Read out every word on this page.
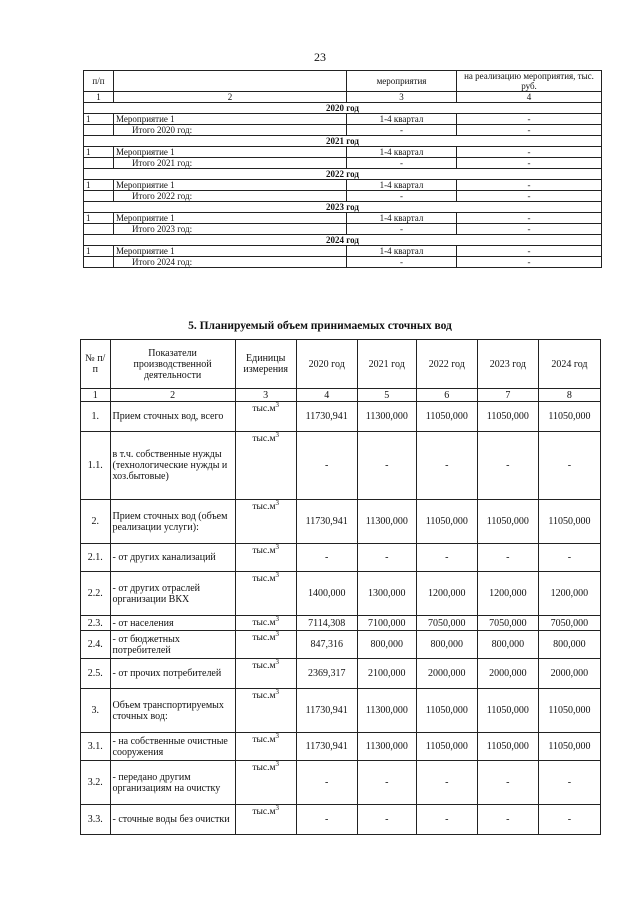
23
п/п		мероприятия	на реализацию мероприятия, тыс. руб.
1	2	3	4
2020 год			
1	Мероприятие 1	1-4 квартал	-
	Итого 2020 год:	-	-
2021 год			
1	Мероприятие 1	1-4 квартал	-
	Итого 2021 год:	-	-
2022 год			
1	Мероприятие 1	1-4 квартал	-
	Итого 2022 год:	-	-
2023 год			
1	Мероприятие 1	1-4 квартал	-
	Итого 2023 год:	-	-
2024 год			
1	Мероприятие 1	1-4 квартал	-
	Итого 2024 год:	-	-
5. Планируемый объем принимаемых сточных вод
№ п/п	Показатели производственной деятельности	Единицы измерения	2020 год	2021 год	2022 год	2023 год	2024 год
1	2	3	4	5	6	7	8
1.	Прием сточных вод, всего	$тыс.м^3$	11730,941	11300,000	11050,000	11050,000	11050,000
1.1.	в т.ч. собственные нужды (технологические нужды и хоз.бытовые)	$тыс.м^3$	-	-	-	-	-
2.	Прием сточных вод (объем реализации услуги):	$тыс.м^3$	11730,941	11300,000	11050,000	11050,000	11050,000
2.1.	- от других канализаций	$тыс.м^3$	-	-	-	-	-
2.2.	- от других отраслей организации ВКХ	$тыс.м^3$	1400,000	1300,000	1200,000	1200,000	1200,000
2.3.	- от населения	$тыс.м^3$	7114,308	7100,000	7050,000	7050,000	7050,000
2.4.	- от бюджетных потребителей	$тыс.м^3$	847,316	800,000	800,000	800,000	800,000
2.5.	- от прочих потребителей	$тыс.м^3$	2369,317	2100,000	2000,000	2000,000	2000,000
3.	Объем транспортируемых сточных вод:	$тыс.м^3$	11730,941	11300,000	11050,000	11050,000	11050,000
3.1.	- на собственные очистные сооружения	$тыс.м^3$	11730,941	11300,000	11050,000	11050,000	11050,000
3.2.	- передано другим организациям на очистку	$тыс.м^3$	-	-	-	-	-
3.3.	- сточные воды без очистки	$тыс.м^3$	-	-	-	-	-
